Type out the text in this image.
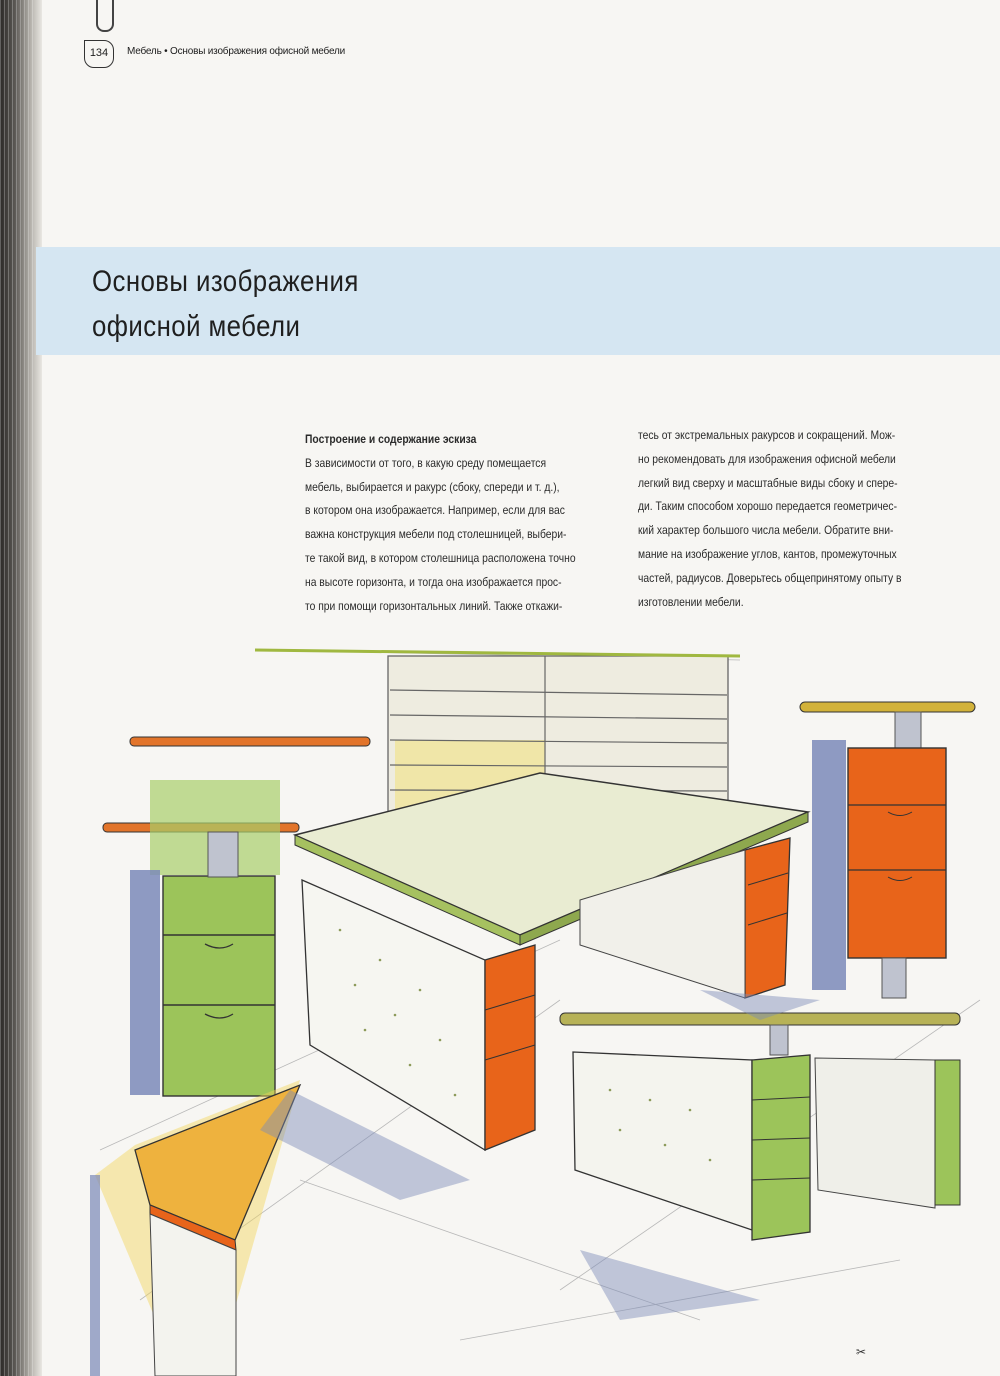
134	Мебель • Основы изображения офисной мебели
Основы изображения
офисной мебели
Построение и содержание эскиза

В зависимости от того, в какую среду помещается
мебель, выбирается и ракурс (сбоку, спереди и т. д.),
в котором она изображается. Например, если для вас
важна конструкция мебели под столешницей, выбери-
те такой вид, в котором столешница расположена точно
на высоте горизонта, и тогда она изображается прос-
то при помощи горизонтальных линий. Также откажи-

тесь от экстремальных ракурсов и сокращений. Мож-
но рекомендовать для изображения офисной мебели
легкий вид сверху и масштабные виды сбоку и спере-
ди. Таким способом хорошо передается геометричес-
кий характер большого числа мебели. Обратите вни-
мание на изображение углов, кантов, промежуточных
частей, радиусов. Доверьтесь общепринятому опыту в
изготовлении мебели.

✂
